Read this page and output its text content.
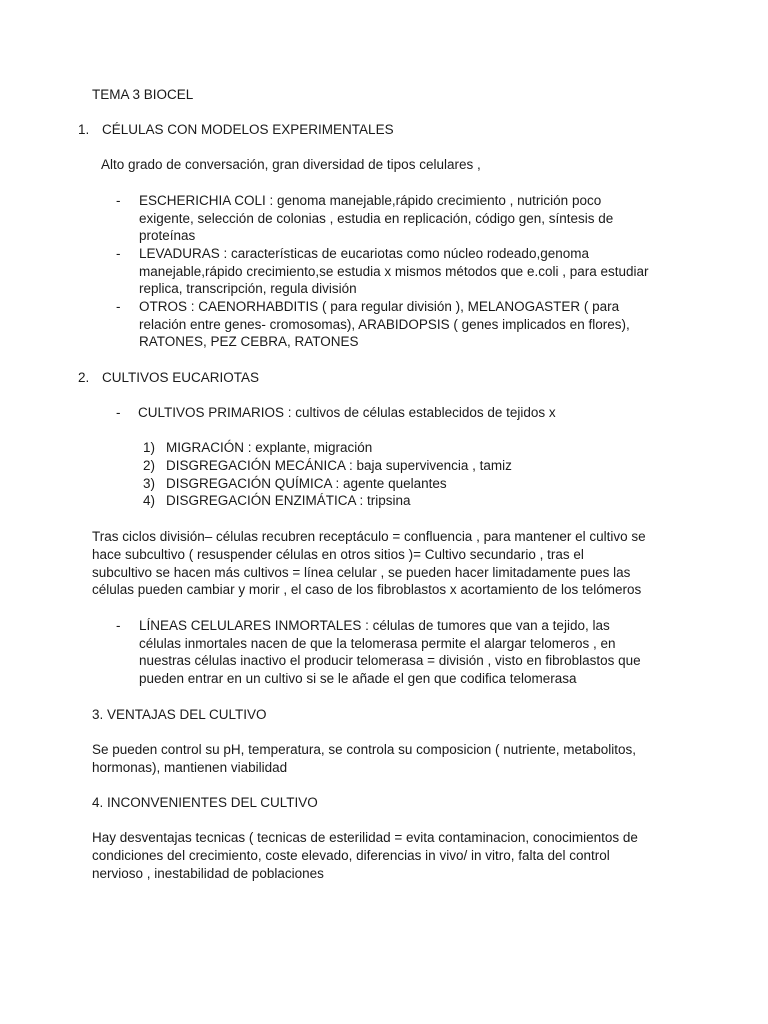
TEMA 3 BIOCEL
1. CÉLULAS CON MODELOS EXPERIMENTALES
Alto grado de conversación, gran diversidad de tipos celulares ,
- ESCHERICHIA COLI : genoma manejable,rápido crecimiento , nutrición poco
exigente, selección de colonias , estudia en replicación, código gen, síntesis de
proteínas
- LEVADURAS : características de eucariotas como núcleo rodeado,genoma
manejable,rápido crecimiento,se estudia x mismos métodos que e.coli , para estudiar
replica, transcripción, regula división
- OTROS : CAENORHABDITIS ( para regular división ), MELANOGASTER ( para
relación entre genes- cromosomas), ARABIDOPSIS ( genes implicados en flores),
RATONES, PEZ CEBRA, RATONES
2. CULTIVOS EUCARIOTAS
- CULTIVOS PRIMARIOS : cultivos de células establecidos de tejidos x
1) MIGRACIÓN : explante, migración
2) DISGREGACIÓN MECÁNICA : baja supervivencia , tamiz
3) DISGREGACIÓN QUÍMICA : agente quelantes
4) DISGREGACIÓN ENZIMÁTICA : tripsina
Tras ciclos división– células recubren receptáculo = confluencia , para mantener el cultivo se
hace subcultivo ( resuspender células en otros sitios )= Cultivo secundario , tras el
subcultivo se hacen más cultivos = línea celular , se pueden hacer limitadamente pues las
células pueden cambiar y morir , el caso de los fibroblastos x acortamiento de los telómeros
- LÍNEAS CELULARES INMORTALES : células de tumores que van a tejido, las
células inmortales nacen de que la telomerasa permite el alargar telomeros , en
nuestras células inactivo el producir telomerasa = división , visto en fibroblastos que
pueden entrar en un cultivo si se le añade el gen que codifica telomerasa
3. VENTAJAS DEL CULTIVO
Se pueden control su pH, temperatura, se controla su composicion ( nutriente, metabolitos,
hormonas), mantienen viabilidad
4. INCONVENIENTES DEL CULTIVO
Hay desventajas tecnicas ( tecnicas de esterilidad = evita contaminacion, conocimientos de
condiciones del crecimiento, coste elevado, diferencias in vivo/ in vitro, falta del control
nervioso , inestabilidad de poblaciones
